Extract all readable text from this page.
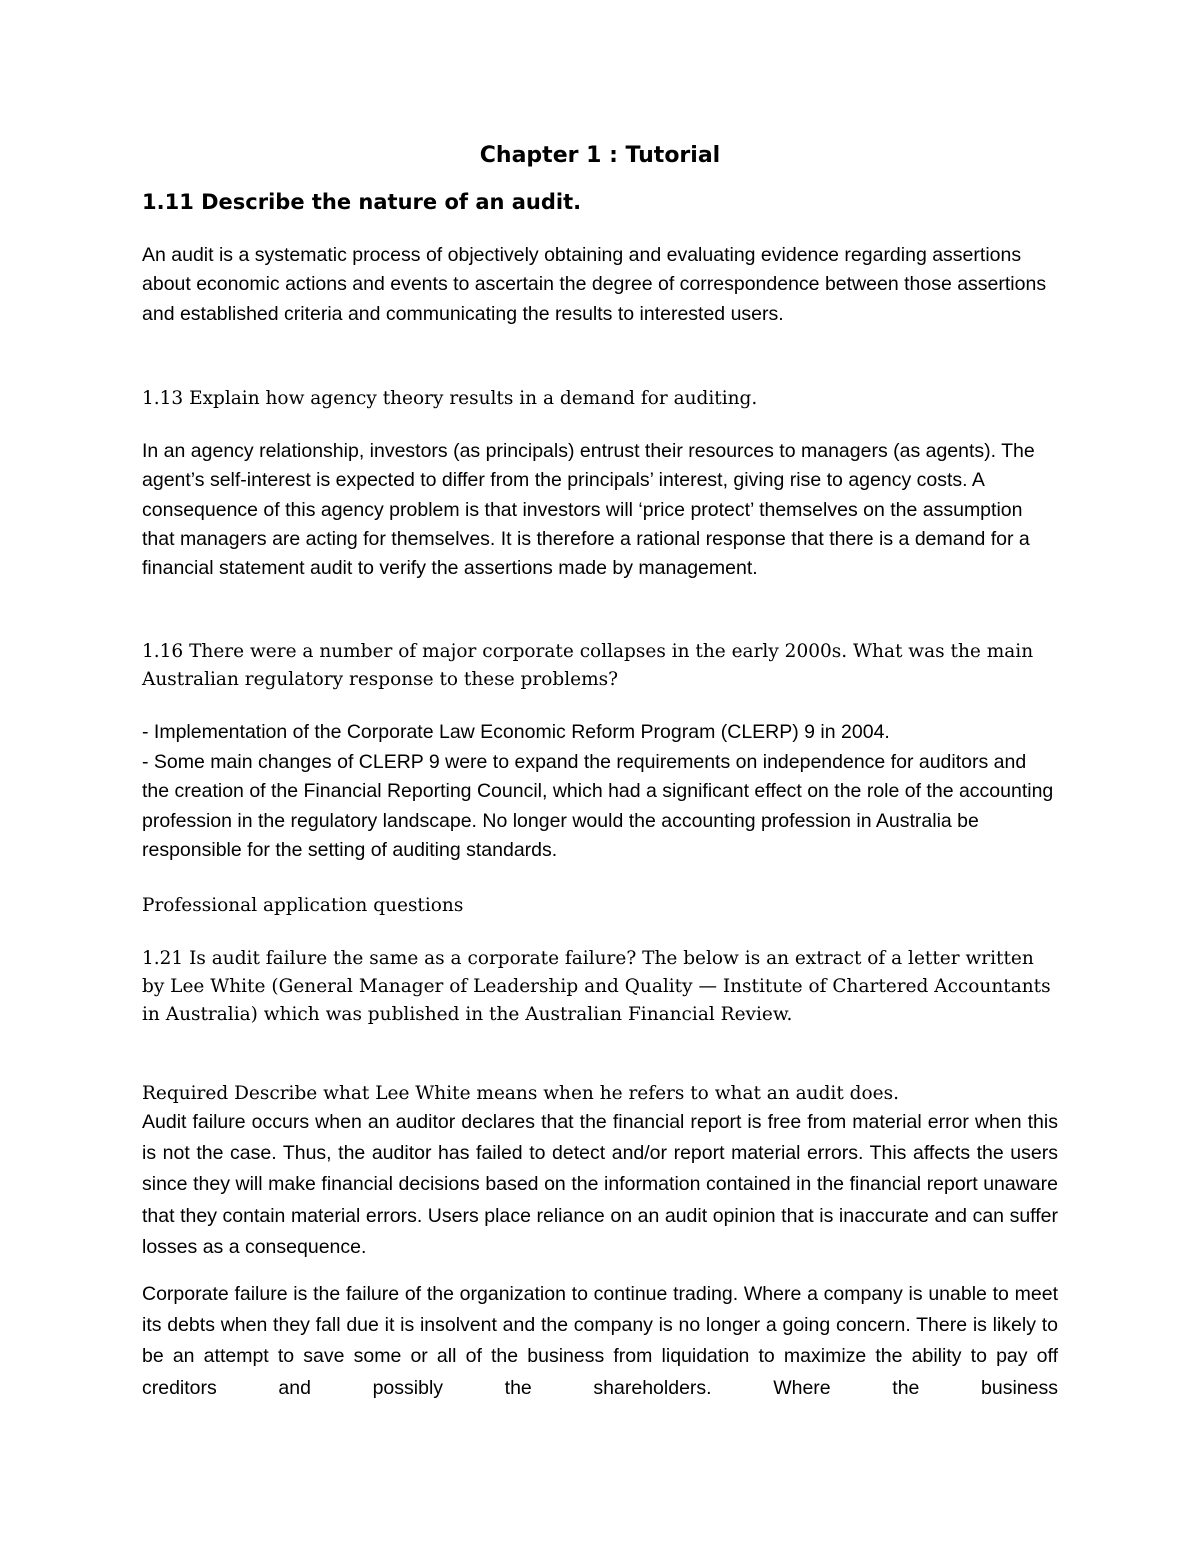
Chapter 1 : Tutorial
1.11 Describe the nature of an audit.

An audit is a systematic process of objectively obtaining and evaluating evidence regarding assertions about economic actions and events to ascertain the degree of correspondence between those assertions and established criteria and communicating the results to interested users.

1.13 Explain how agency theory results in a demand for auditing.

In an agency relationship, investors (as principals) entrust their resources to managers (as agents). The agent’s self-interest is expected to differ from the principals’ interest, giving rise to agency costs. A consequence of this agency problem is that investors will ‘price protect’ themselves on the assumption that managers are acting for themselves. It is therefore a rational response that there is a demand for a financial statement audit to verify the assertions made by management.

1.16 There were a number of major corporate collapses in the early 2000s. What was the main Australian regulatory response to these problems?

- Implementation of the Corporate Law Economic Reform Program (CLERP) 9 in 2004.

- Some main changes of CLERP 9 were to expand the requirements on independence for auditors and the creation of the Financial Reporting Council, which had a significant effect on the role of the accounting profession in the regulatory landscape. No longer would the accounting profession in Australia be responsible for the setting of auditing standards.

Professional application questions

1.21 Is audit failure the same as a corporate failure? The below is an extract of a letter written by Lee White (General Manager of Leadership and Quality — Institute of Chartered Accountants in Australia) which was published in the Australian Financial Review.

Required Describe what Lee White means when he refers to what an audit does.

Audit failure occurs when an auditor declares that the financial report is free from material error when this is not the case. Thus, the auditor has failed to detect and/or report material errors. This affects the users since they will make financial decisions based on the information contained in the financial report unaware that they contain material errors. Users place reliance on an audit opinion that is inaccurate and can suffer losses as a consequence.

Corporate failure is the failure of the organization to continue trading. Where a company is unable to meet its debts when they fall due it is insolvent and the company is no longer a going concern. There is likely to be an attempt to save some or all of the business from liquidation to maximize the ability to pay off creditors and possibly the shareholders. Where the business
